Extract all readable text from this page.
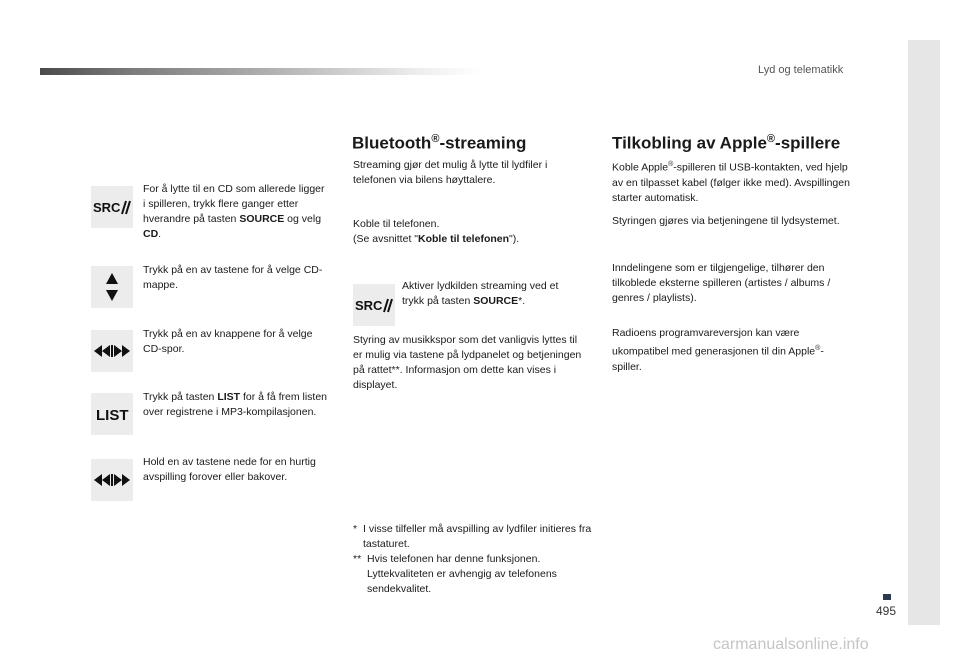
Lyd og telematikk
495
SRC
For å lytte til en CD som allerede ligger i spilleren, trykk flere ganger etter hverandre på tasten SOURCE og velg CD.
Trykk på en av tastene for å velge CD-mappe.
Trykk på en av knappene for å velge CD-spor.
LIST
Trykk på tasten LIST for å få frem listen over registrene i MP3-kompilasjonen.
Hold en av tastene nede for en hurtig avspilling forover eller bakover.
Bluetooth®-streaming
Streaming gjør det mulig å lytte til lydfiler i telefonen via bilens høyttalere.
Koble til telefonen.
(Se avsnittet "Koble til telefonen").
SRC
Aktiver lydkilden streaming ved et trykk på tasten SOURCE*.
Styring av musikkspor som det vanligvis lyttes til er mulig via tastene på lydpanelet og betjeningen på rattet**. Informasjon om dette kan vises i displayet.
* I visse tilfeller må avspilling av lydfiler initieres fra tastaturet.
** Hvis telefonen har denne funksjonen. Lyttekvaliteten er avhengig av telefonens sendekvalitet.
Tilkobling av Apple®-spillere
Koble Apple®-spilleren til USB-kontakten, ved hjelp av en tilpasset kabel (følger ikke med). Avspillingen starter automatisk.
Styringen gjøres via betjeningene til lydsystemet.
Inndelingene som er tilgjengelige, tilhører den tilkoblede eksterne spilleren (artistes / albums / genres / playlists).
Radioens programvareversjon kan være ukompatibel med generasjonen til din Apple®-spiller.
carmanualsonline.info
